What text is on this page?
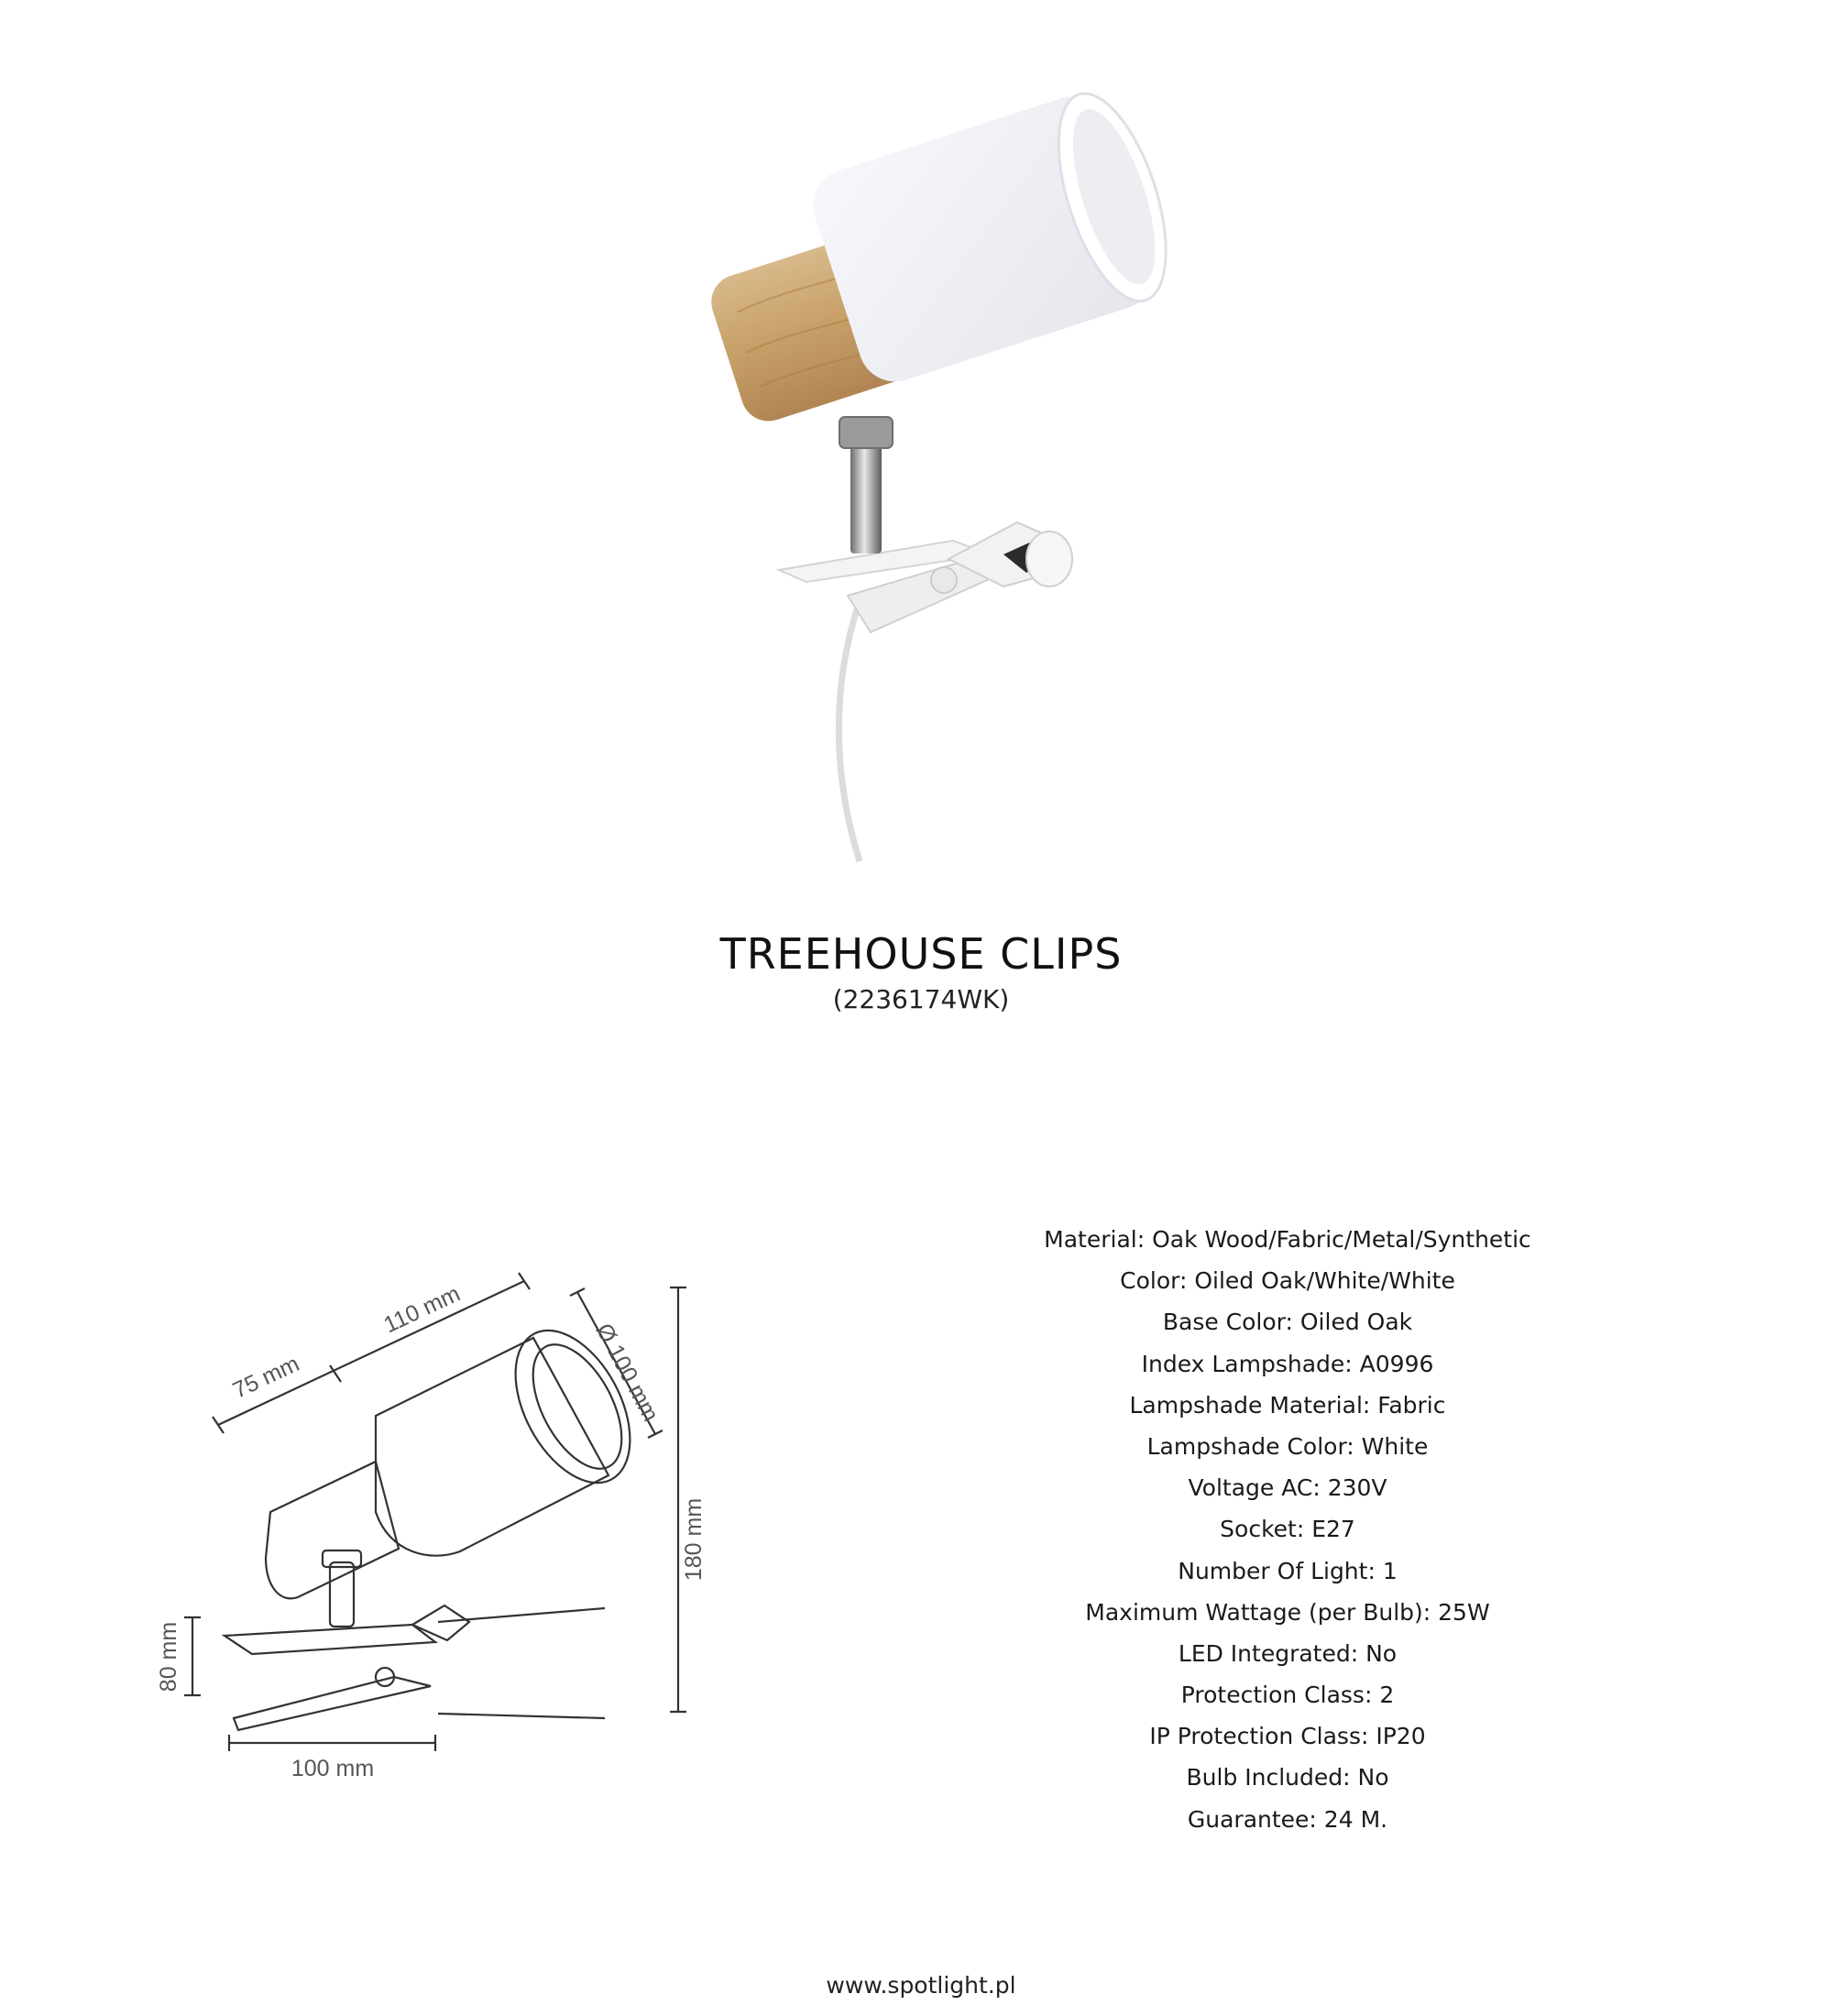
TREEHOUSE CLIPS
(2236174WK)
75 mm
110 mm
Ø 100 mm
180 mm
80 mm
100 mm
Material: Oak Wood/Fabric/Metal/Synthetic
Color: Oiled Oak/White/White
Base Color: Oiled Oak
Index Lampshade: A0996
Lampshade Material: Fabric
Lampshade Color: White
Voltage AC: 230V
Socket: E27
Number Of Light: 1
Maximum Wattage (per Bulb): 25W
LED Integrated: No
Protection Class: 2
IP Protection Class: IP20
Bulb Included: No
Guarantee: 24 M.
www.spotlight.pl
